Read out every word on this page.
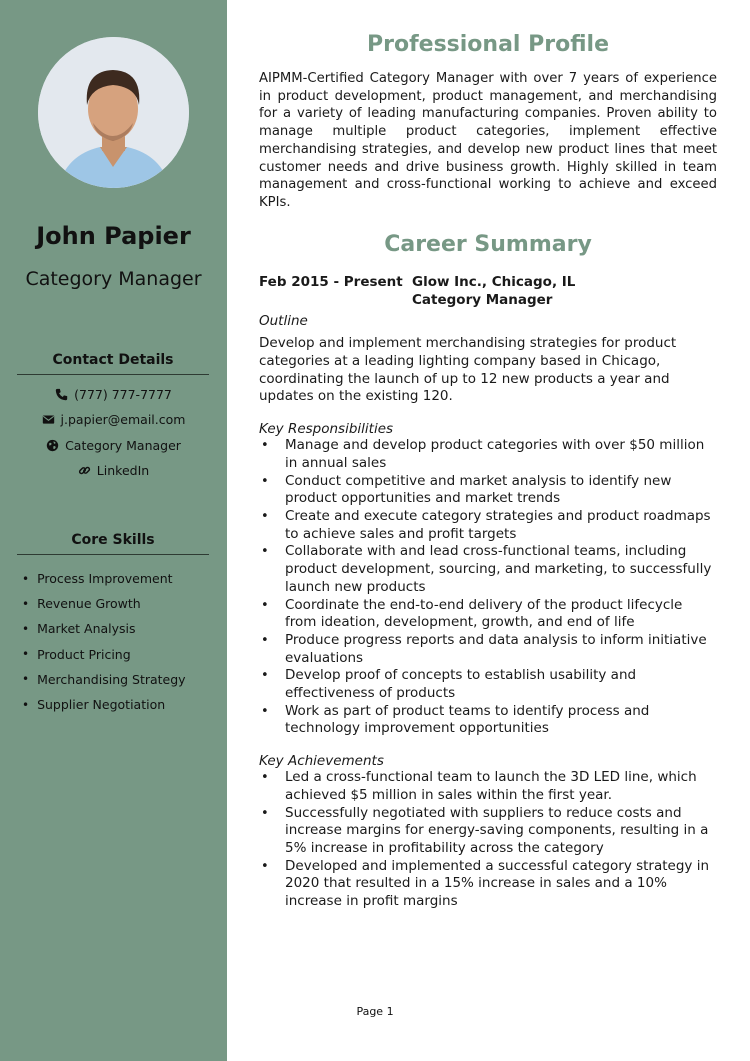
John Papier
Category Manager
Contact Details
(777) 777-7777
j.papier@email.com
Category Manager
LinkedIn
Core Skills
• Process Improvement
• Revenue Growth
• Market Analysis
• Product Pricing
• Merchandising Strategy
• Supplier Negotiation
Professional Profile
AIPMM-Certified Category Manager with over 7 years of experience in product development, product management, and merchandising for a variety of leading manufacturing companies. Proven ability to manage multiple product categories, implement effective merchandising strategies, and develop new product lines that meet customer needs and drive business growth. Highly skilled in team management and cross-functional working to achieve and exceed KPIs.
Career Summary
Feb 2015 - Present Glow Inc., Chicago, IL
Category Manager
Outline
Develop and implement merchandising strategies for product categories at a leading lighting company based in Chicago, coordinating the launch of up to 12 new products a year and updates on the existing 120.
Key Responsibilities
• Manage and develop product categories with over $50 million in annual sales
• Conduct competitive and market analysis to identify new product opportunities and market trends
• Create and execute category strategies and product roadmaps to achieve sales and profit targets
• Collaborate with and lead cross-functional teams, including product development, sourcing, and marketing, to successfully launch new products
• Coordinate the end-to-end delivery of the product lifecycle from ideation, development, growth, and end of life
• Produce progress reports and data analysis to inform initiative evaluations
• Develop proof of concepts to establish usability and effectiveness of products
• Work as part of product teams to identify process and technology improvement opportunities
Key Achievements
• Led a cross-functional team to launch the 3D LED line, which achieved $5 million in sales within the first year.
• Successfully negotiated with suppliers to reduce costs and increase margins for energy-saving components, resulting in a 5% increase in profitability across the category
• Developed and implemented a successful category strategy in 2020 that resulted in a 15% increase in sales and a 10% increase in profit margins
Page 1
